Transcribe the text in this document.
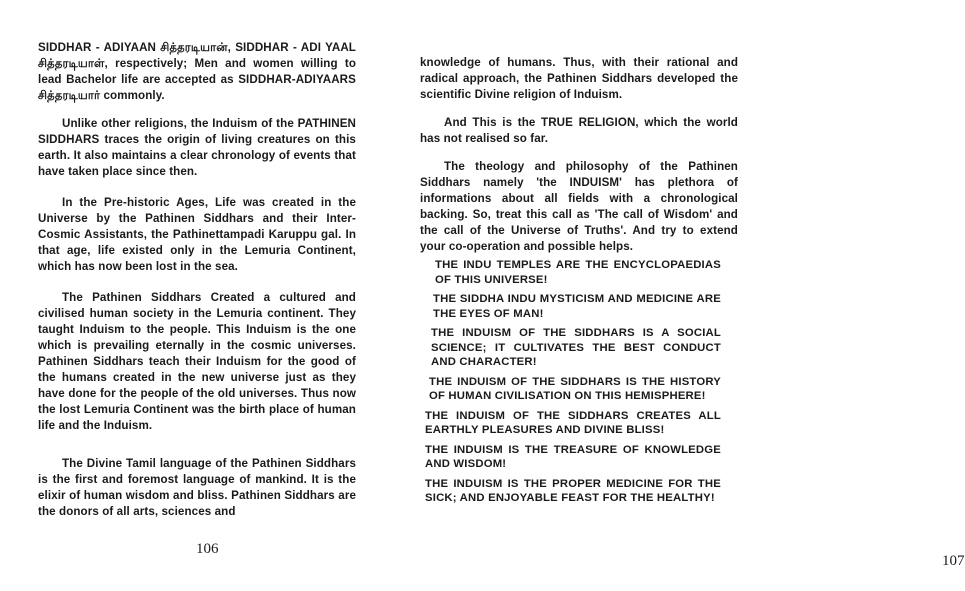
SIDDHAR - ADIYAAN சித்தரடியான், SIDDHAR - ADI YAAL சித்தரடியாள், respectively; Men and women willing to lead Bachelor life are accepted as SIDDHAR-ADIYAARS சித்தரடியார் commonly.

Unlike other religions, the Induism of the PATHINEN SIDDHARS traces the origin of living creatures on this earth. It also maintains a clear chronology of events that have taken place since then.

In the Pre-historic Ages, Life was created in the Universe by the Pathinen Siddhars and their Inter-Cosmic Assistants, the Pathinettampadi Karuppu gal. In that age, life existed only in the Lemuria Continent, which has now been lost in the sea.

The Pathinen Siddhars Created a cultured and civilised human society in the Lemuria continent. They taught Induism to the people. This Induism is the one which is prevailing eternally in the cosmic universes. Pathinen Siddhars teach their Induism for the good of the humans created in the new universe just as they have done for the people of the old universes. Thus now the lost Lemuria Continent was the birth place of human life and the Induism.

The Divine Tamil language of the Pathinen Siddhars is the first and foremost language of mankind. It is the elixir of human wisdom and bliss. Pathinen Siddhars are the donors of all arts, sciences and

106

knowledge of humans. Thus, with their rational and radical approach, the Pathinen Siddhars developed the scientific Divine religion of Induism.

And This is the TRUE RELIGION, which the world has not realised so far.

The theology and philosophy of the Pathinen Siddhars namely 'the INDUISM' has plethora of informations about all fields with a chronological backing. So, treat this call as 'The call of Wisdom' and the call of the Universe of Truths'. And try to extend your co-operation and possible helps.

107

THE INDU TEMPLES ARE THE ENCYCLOPAEDIAS OF THIS UNIVERSE!

THE SIDDHA INDU MYSTICISM AND MEDICINE ARE THE EYES OF MAN!

THE INDUISM OF THE SIDDHARS IS A SOCIAL SCIENCE; IT CULTIVATES THE BEST CONDUCT AND CHARACTER!

THE INDUISM OF THE SIDDHARS IS THE HISTORY OF HUMAN CIVILISATION ON THIS HEMISPHERE!

THE INDUISM OF THE SIDDHARS CREATES ALL EARTHLY PLEASURES AND DIVINE BLISS!

THE INDUISM IS THE TREASURE OF KNOWLEDGE AND WISDOM!

THE INDUISM IS THE PROPER MEDICINE FOR THE SICK; AND ENJOYABLE FEAST FOR THE HEALTHY!
